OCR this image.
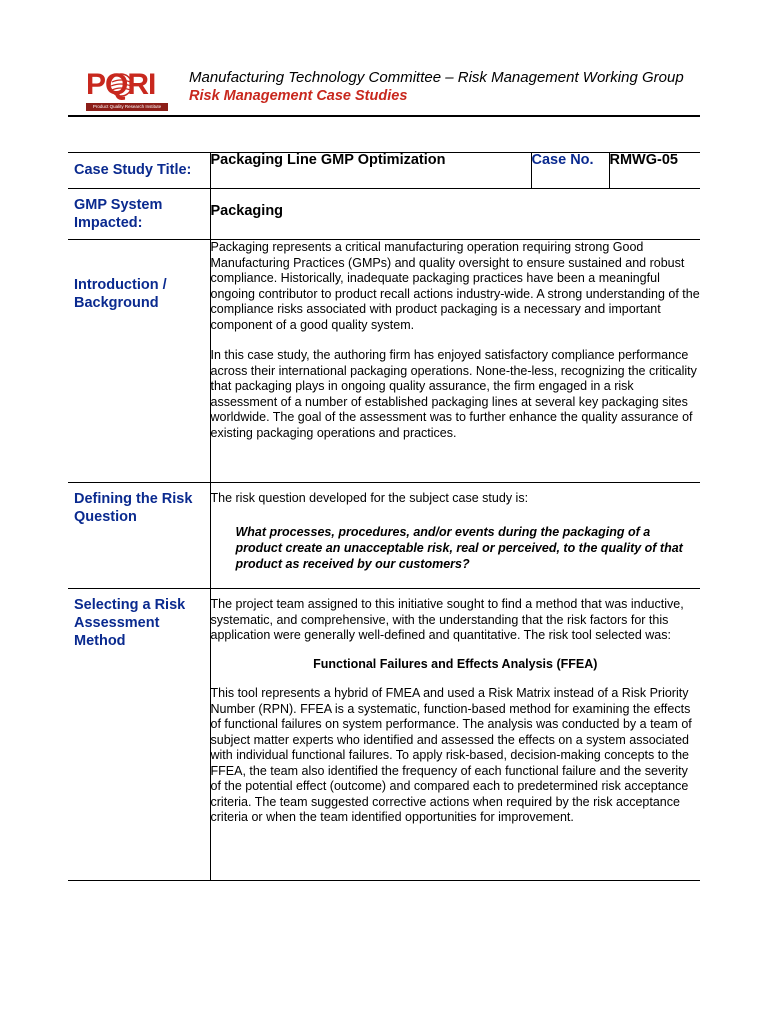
PQRI
Product Quality Research Institute
Manufacturing Technology Committee – Risk Management Working Group
Risk Management Case Studies
Case Study Title:	Packaging Line GMP Optimization	Case No.	RMWG-05

GMP System Impacted:	Packaging		

Introduction / Background	Packaging represents a critical manufacturing operation requiring strong Good Manufacturing Practices (GMPs) and quality oversight to ensure sustained and robust compliance. Historically, inadequate packaging practices have been a meaningful ongoing contributor to product recall actions industry-wide. A strong understanding of the compliance risks associated with product packaging is a necessary and important component of a good quality system.

In this case study, the authoring firm has enjoyed satisfactory compliance performance across their international packaging operations. None-the-less, recognizing the criticality that packaging plays in ongoing quality assurance, the firm engaged in a risk assessment of a number of established packaging lines at several key packaging sites worldwide. The goal of the assessment was to further enhance the quality assurance of existing packaging operations and practices.		

Defining the Risk Question	The risk question developed for the subject case study is:

What processes, procedures, and/or events during the packaging of a product create an unacceptable risk, real or perceived, to the quality of that product as received by our customers?		

Selecting a Risk Assessment Method	The project team assigned to this initiative sought to find a method that was inductive, systematic, and comprehensive, with the understanding that the risk factors for this application were generally well-defined and quantitative. The risk tool selected was:

Functional Failures and Effects Analysis (FFEA)

This tool represents a hybrid of FMEA and used a Risk Matrix instead of a Risk Priority Number (RPN). FFEA is a systematic, function-based method for examining the effects of functional failures on system performance. The analysis was conducted by a team of subject matter experts who identified and assessed the effects on a system associated with individual functional failures. To apply risk-based, decision-making concepts to the FFEA, the team also identified the frequency of each functional failure and the severity of the potential effect (outcome) and compared each to predetermined risk acceptance criteria. The team suggested corrective actions when required by the risk acceptance criteria or when the team identified opportunities for improvement.		
